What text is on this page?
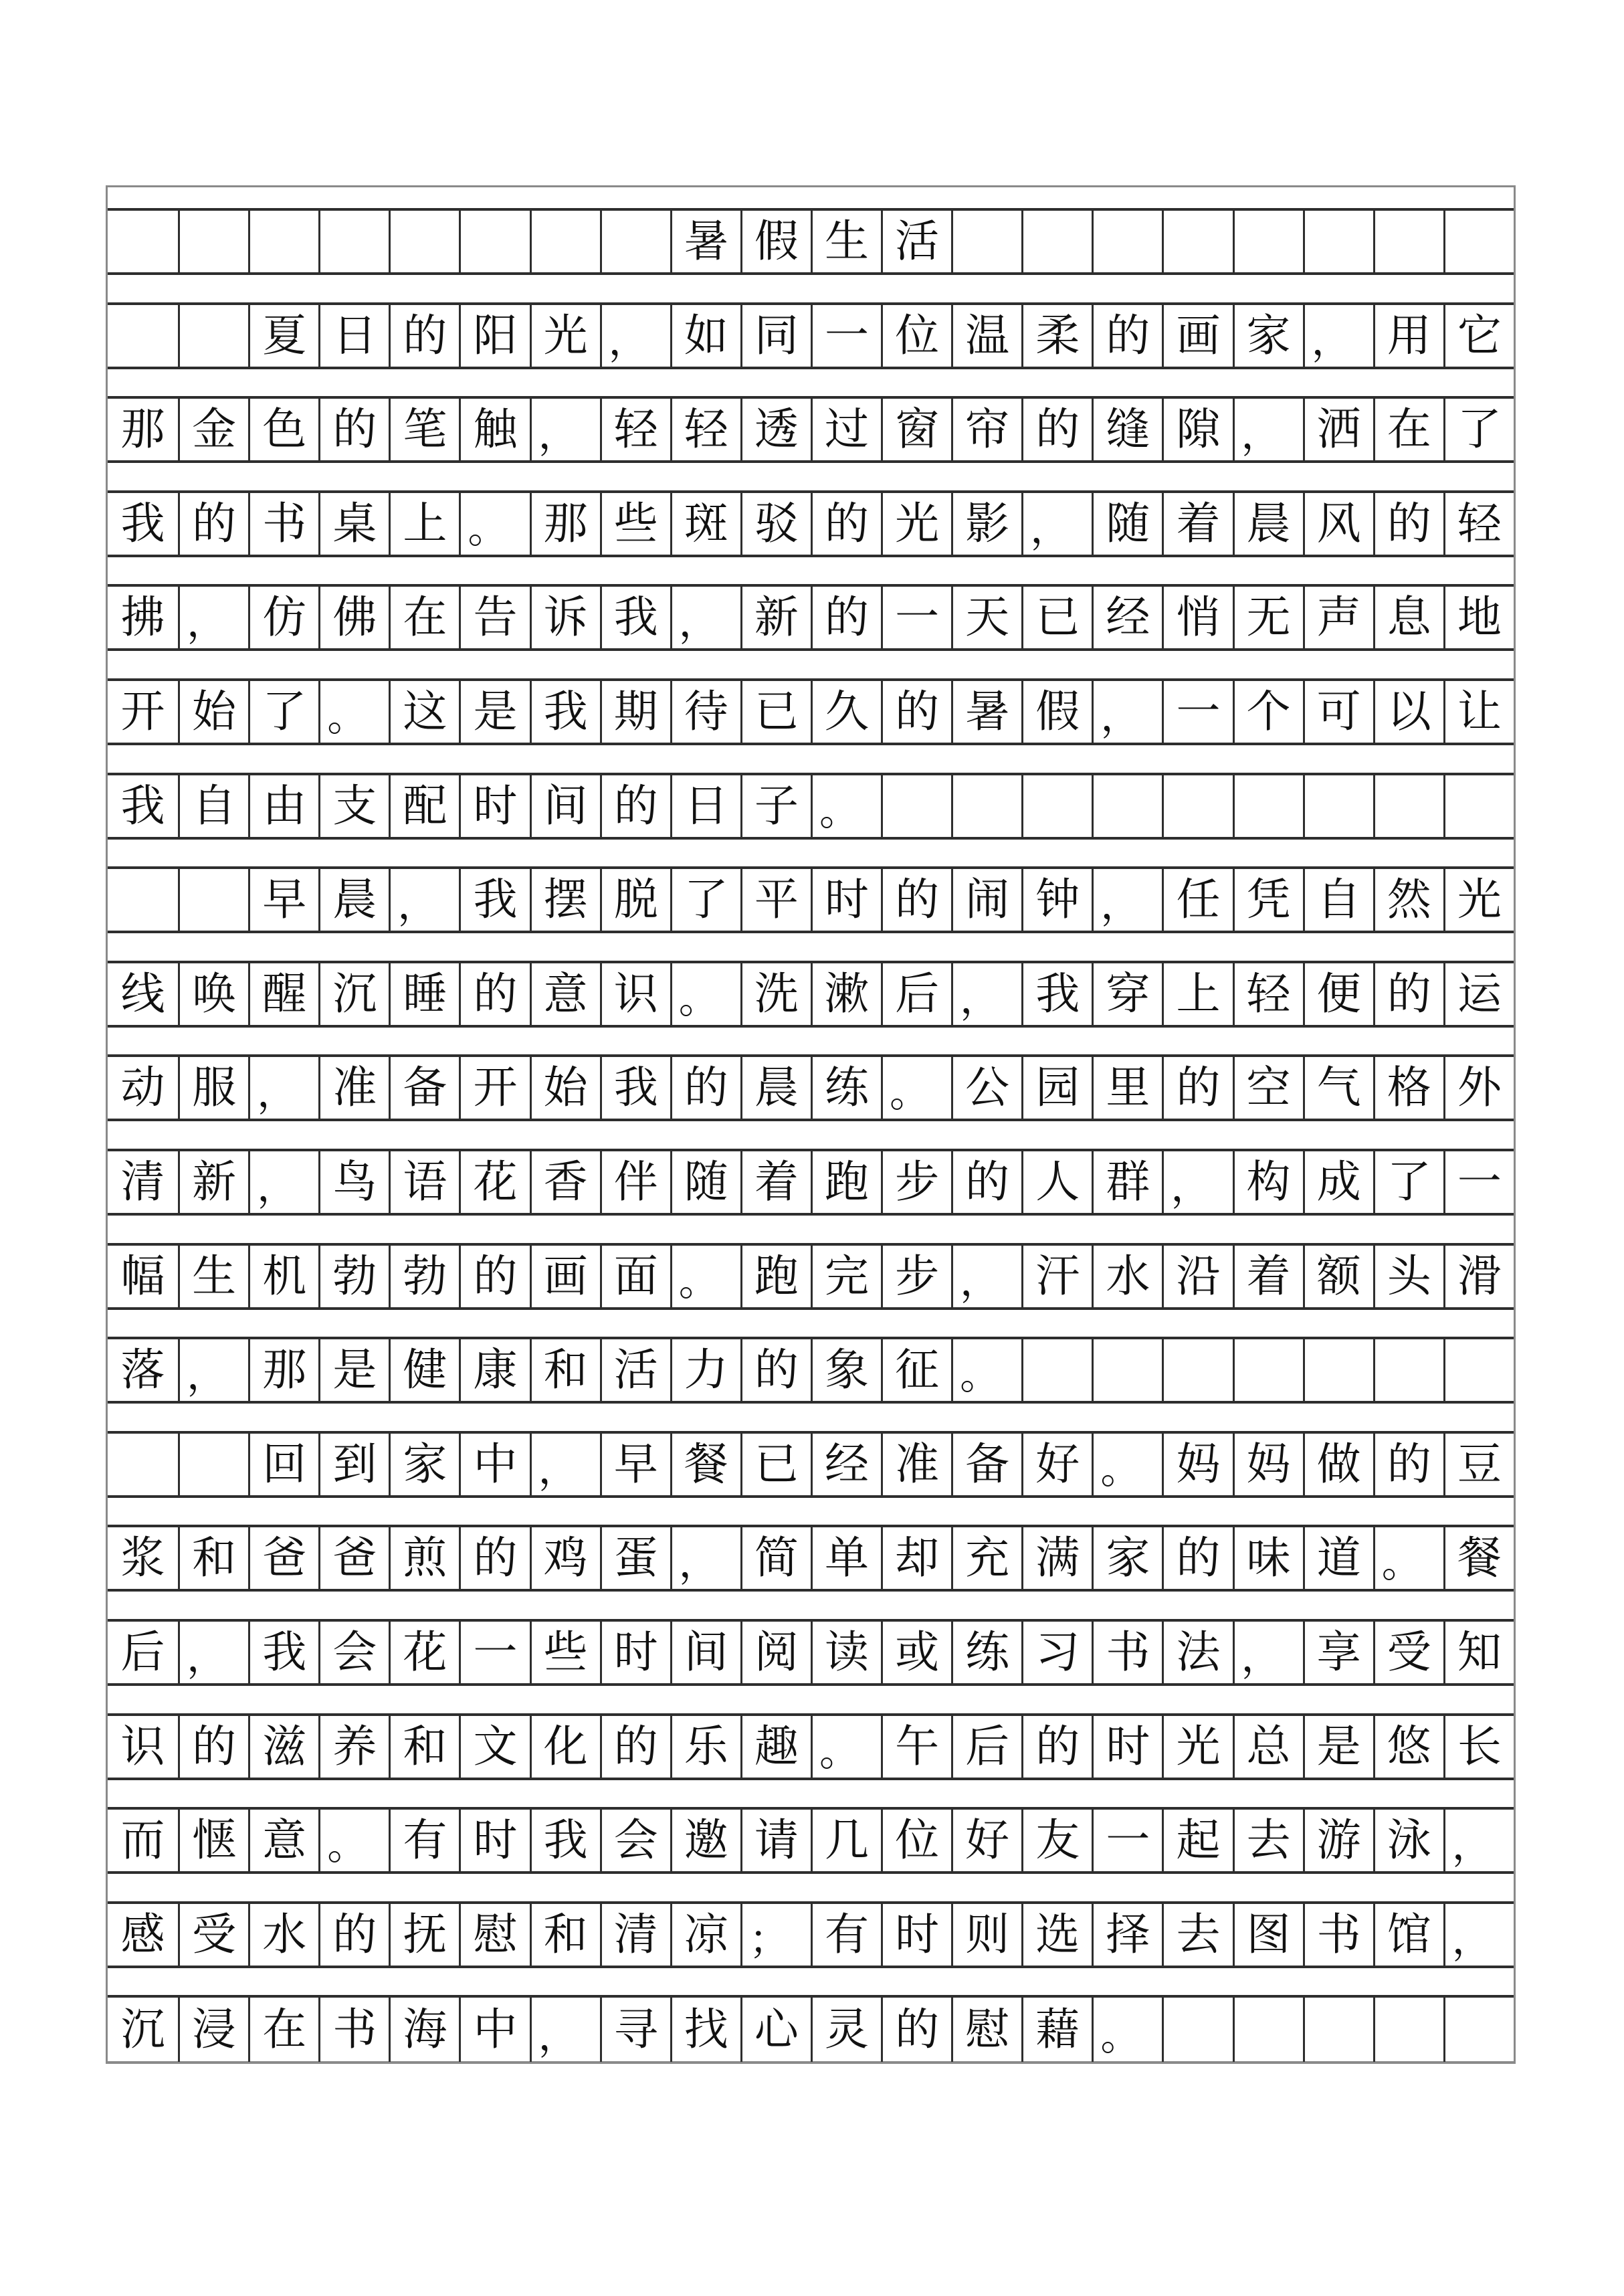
暑 假 生 活
夏 日 的 阳 光 ， 如 同 一 位 温 柔 的 画 家 ， 用 它
那 金 色 的 笔 触 ， 轻 轻 透 过 窗 帘 的 缝 隙 ， 洒 在 了
我 的 书 桌 上 。 那 些 斑 驳 的 光 影 ， 随 着 晨 风 的 轻
拂 ， 仿 佛 在 告 诉 我 ， 新 的 一 天 已 经 悄 无 声 息 地
开 始 了 。 这 是 我 期 待 已 久 的 暑 假 ， 一 个 可 以 让
我 自 由 支 配 时 间 的 日 子 。
早 晨 ， 我 摆 脱 了 平 时 的 闹 钟 ， 任 凭 自 然 光
线 唤 醒 沉 睡 的 意 识 。 洗 漱 后 ， 我 穿 上 轻 便 的 运
动 服 ， 准 备 开 始 我 的 晨 练 。 公 园 里 的 空 气 格 外
清 新 ， 鸟 语 花 香 伴 随 着 跑 步 的 人 群 ， 构 成 了 一
幅 生 机 勃 勃 的 画 面 。 跑 完 步 ， 汗 水 沿 着 额 头 滑
落 ， 那 是 健 康 和 活 力 的 象 征 。
回 到 家 中 ， 早 餐 已 经 准 备 好 。 妈 妈 做 的 豆
浆 和 爸 爸 煎 的 鸡 蛋 ， 简 单 却 充 满 家 的 味 道 。 餐
后 ， 我 会 花 一 些 时 间 阅 读 或 练 习 书 法 ， 享 受 知
识 的 滋 养 和 文 化 的 乐 趣 。 午 后 的 时 光 总 是 悠 长
而 惬 意 。 有 时 我 会 邀 请 几 位 好 友 一 起 去 游 泳 ，
感 受 水 的 抚 慰 和 清 凉 ； 有 时 则 选 择 去 图 书 馆 ，
沉 浸 在 书 海 中 ， 寻 找 心 灵 的 慰 藉 。
